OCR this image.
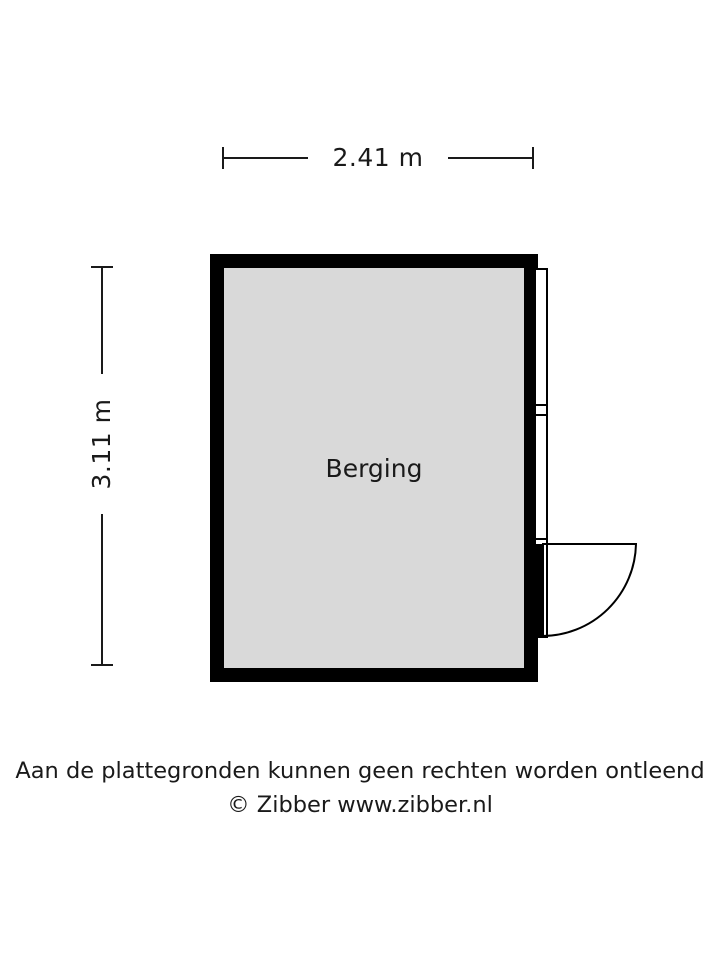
2.41 m
3.11 m	Berging
Aan de plattegronden kunnen geen rechten worden ontleend
© Zibber www.zibber.nl
